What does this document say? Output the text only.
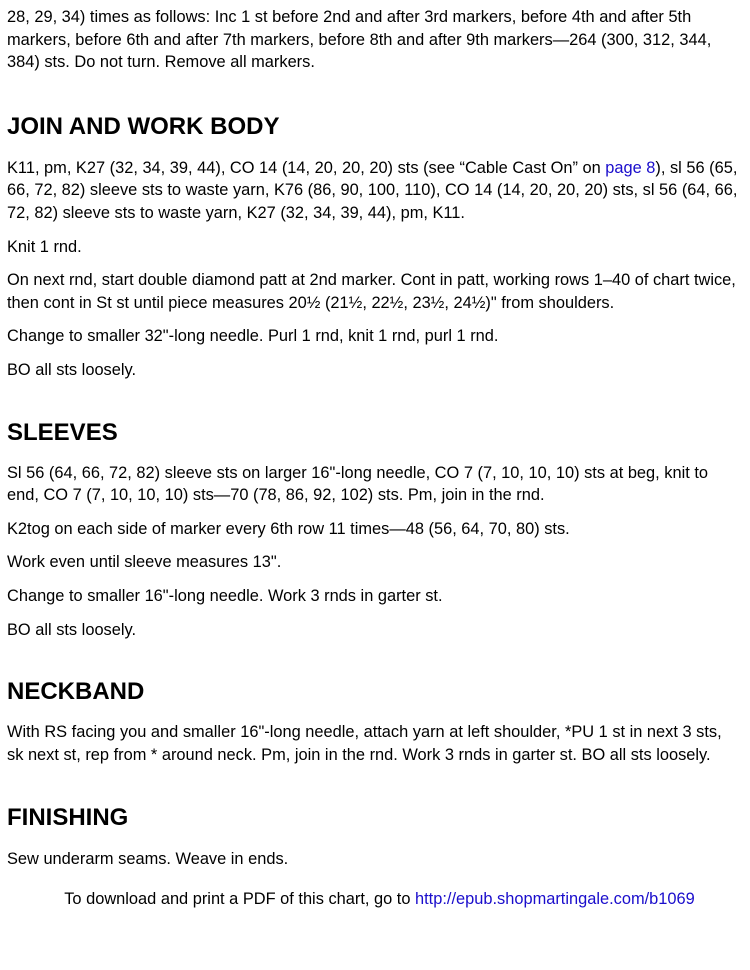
28, 29, 34) times as follows: Inc 1 st before 2nd and after 3rd markers, before 4th and after 5th markers, before 6th and after 7th markers, before 8th and after 9th markers—264 (300, 312, 344, 384) sts. Do not turn. Remove all markers.

JOIN AND WORK BODY

K11, pm, K27 (32, 34, 39, 44), CO 14 (14, 20, 20, 20) sts (see “Cable Cast On” on page 8), sl 56 (65, 66, 72, 82) sleeve sts to waste yarn, K76 (86, 90, 100, 110), CO 14 (14, 20, 20, 20) sts, sl 56 (64, 66, 72, 82) sleeve sts to waste yarn, K27 (32, 34, 39, 44), pm, K11.

Knit 1 rnd.

On next rnd, start double diamond patt at 2nd marker. Cont in patt, working rows 1–40 of chart twice, then cont in St st until piece measures 20½ (21½, 22½, 23½, 24½)" from shoulders.

Change to smaller 32"-long needle. Purl 1 rnd, knit 1 rnd, purl 1 rnd.

BO all sts loosely.

SLEEVES

Sl 56 (64, 66, 72, 82) sleeve sts on larger 16"-long needle, CO 7 (7, 10, 10, 10) sts at beg, knit to end, CO 7 (7, 10, 10, 10) sts—70 (78, 86, 92, 102) sts. Pm, join in the rnd.

K2tog on each side of marker every 6th row 11 times—48 (56, 64, 70, 80) sts.

Work even until sleeve measures 13".

Change to smaller 16"-long needle. Work 3 rnds in garter st.

BO all sts loosely.

NECKBAND

With RS facing you and smaller 16"-long needle, attach yarn at left shoulder, *PU 1 st in next 3 sts, sk next st, rep from * around neck. Pm, join in the rnd. Work 3 rnds in garter st. BO all sts loosely.

FINISHING

Sew underarm seams. Weave in ends.

To download and print a PDF of this chart, go to http://epub.shopmartingale.com/b1069
